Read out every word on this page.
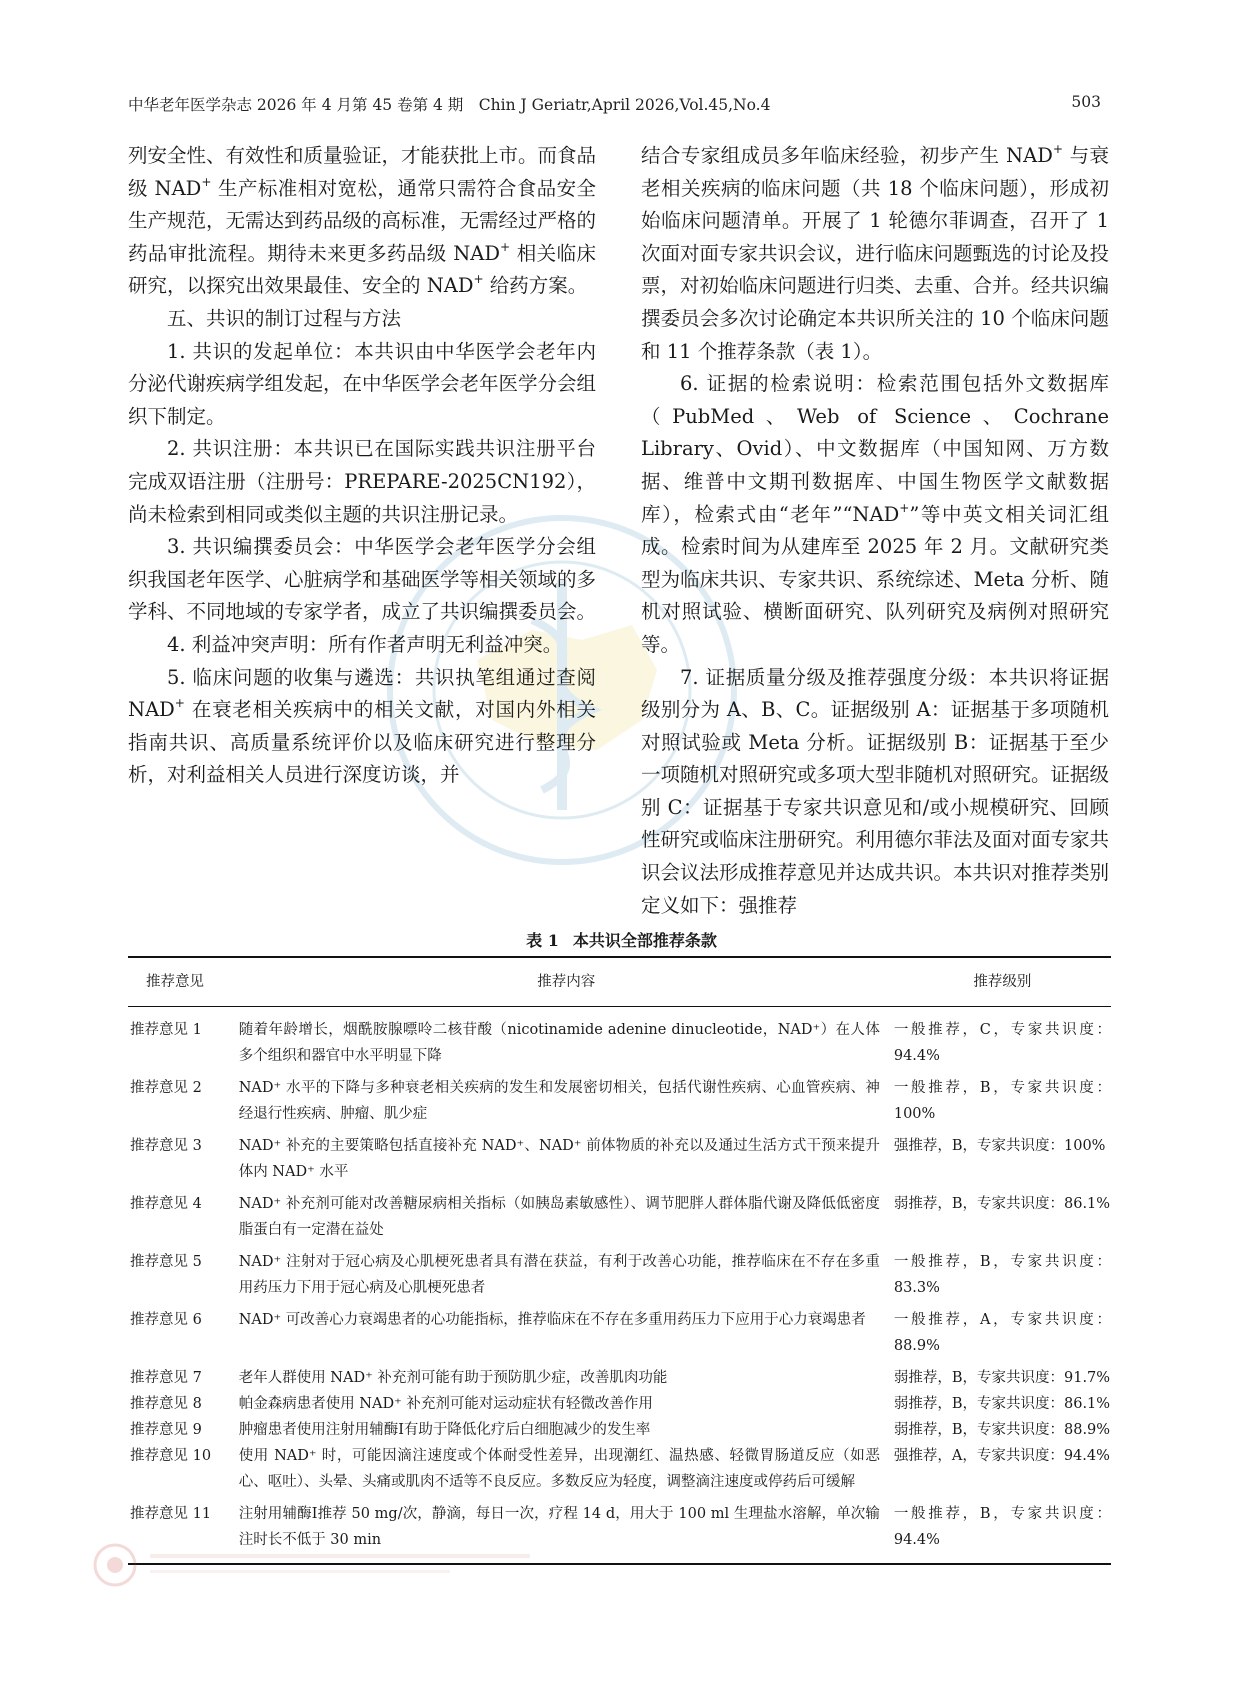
中华老年医学杂志 2026 年 4 月第 45 卷第 4 期　Chin J Geriatr,April 2026,Vol.45,No.4	503

列安全性、有效性和质量验证，才能获批上市。而食品级 NAD+ 生产标准相对宽松，通常只需符合食品安全生产规范，无需达到药品级的高标准，无需经过严格的药品审批流程。期待未来更多药品级 NAD+ 相关临床研究，以探究出效果最佳、安全的 NAD+ 给药方案。

五、共识的制订过程与方法

1. 共识的发起单位：本共识由中华医学会老年内分泌代谢疾病学组发起，在中华医学会老年医学分会组织下制定。

2. 共识注册：本共识已在国际实践共识注册平台完成双语注册（注册号：PREPARE-2025CN192），尚未检索到相同或类似主题的共识注册记录。

3. 共识编撰委员会：中华医学会老年医学分会组织我国老年医学、心脏病学和基础医学等相关领域的多学科、不同地域的专家学者，成立了共识编撰委员会。

4. 利益冲突声明：所有作者声明无利益冲突。

5. 临床问题的收集与遴选：共识执笔组通过查阅 NAD+ 在衰老相关疾病中的相关文献，对国内外相关指南共识、高质量系统评价以及临床研究进行整理分析，对利益相关人员进行深度访谈，并

结合专家组成员多年临床经验，初步产生 NAD+ 与衰老相关疾病的临床问题（共 18 个临床问题），形成初始临床问题清单。开展了 1 轮德尔菲调查，召开了 1 次面对面专家共识会议，进行临床问题甄选的讨论及投票，对初始临床问题进行归类、去重、合并。经共识编撰委员会多次讨论确定本共识所关注的 10 个临床问题和 11 个推荐条款（表 1）。

6. 证据的检索说明：检索范围包括外文数据库（PubMed、Web of Science、Cochrane Library、Ovid）、中文数据库（中国知网、万方数据、维普中文期刊数据库、中国生物医学文献数据库），检索式由“老年”“NAD+”等中英文相关词汇组成。检索时间为从建库至 2025 年 2 月。文献研究类型为临床共识、专家共识、系统综述、Meta 分析、随机对照试验、横断面研究、队列研究及病例对照研究等。

7. 证据质量分级及推荐强度分级：本共识将证据级别分为 A、B、C。证据级别 A：证据基于多项随机对照试验或 Meta 分析。证据级别 B：证据基于至少一项随机对照研究或多项大型非随机对照研究。证据级别 C：证据基于专家共识意见和/或小规模研究、回顾性研究或临床注册研究。利用德尔菲法及面对面专家共识会议法形成推荐意见并达成共识。本共识对推荐类别定义如下：强推荐

表 1 本共识全部推荐条款
推荐意见	推荐内容	推荐级别
推荐意见 1	随着年龄增长，烟酰胺腺嘌呤二核苷酸（nicotinamide adenine dinucleotide，NAD⁺）在人体多个组织和器官中水平明显下降	一般推荐，C，专家共识度：94.4%
推荐意见 2	NAD⁺ 水平的下降与多种衰老相关疾病的发生和发展密切相关，包括代谢性疾病、心血管疾病、神经退行性疾病、肿瘤、肌少症	一般推荐，B，专家共识度：100%
推荐意见 3	NAD⁺ 补充的主要策略包括直接补充 NAD⁺、NAD⁺ 前体物质的补充以及通过生活方式干预来提升体内 NAD⁺ 水平	强推荐，B，专家共识度：100%
推荐意见 4	NAD⁺ 补充剂可能对改善糖尿病相关指标（如胰岛素敏感性）、调节肥胖人群体脂代谢及降低低密度脂蛋白有一定潜在益处	弱推荐，B，专家共识度：86.1%
推荐意见 5	NAD⁺ 注射对于冠心病及心肌梗死患者具有潜在获益，有利于改善心功能，推荐临床在不存在多重用药压力下用于冠心病及心肌梗死患者	一般推荐，B，专家共识度：83.3%
推荐意见 6	NAD⁺ 可改善心力衰竭患者的心功能指标，推荐临床在不存在多重用药压力下应用于心力衰竭患者	一般推荐，A，专家共识度：88.9%
推荐意见 7	老年人群使用 NAD⁺ 补充剂可能有助于预防肌少症，改善肌肉功能	弱推荐，B，专家共识度：91.7%
推荐意见 8	帕金森病患者使用 NAD⁺ 补充剂可能对运动症状有轻微改善作用	弱推荐，B，专家共识度：86.1%
推荐意见 9	肿瘤患者使用注射用辅酶Ⅰ有助于降低化疗后白细胞减少的发生率	弱推荐，B，专家共识度：88.9%
推荐意见 10	使用 NAD⁺ 时，可能因滴注速度或个体耐受性差异，出现潮红、温热感、轻微胃肠道反应（如恶心、呕吐）、头晕、头痛或肌肉不适等不良反应。多数反应为轻度，调整滴注速度或停药后可缓解	强推荐，A，专家共识度：94.4%
推荐意见 11	注射用辅酶Ⅰ推荐 50 mg/次，静滴，每日一次，疗程 14 d，用大于 100 ml 生理盐水溶解，单次输注时长不低于 30 min	一般推荐，B，专家共识度：94.4%
